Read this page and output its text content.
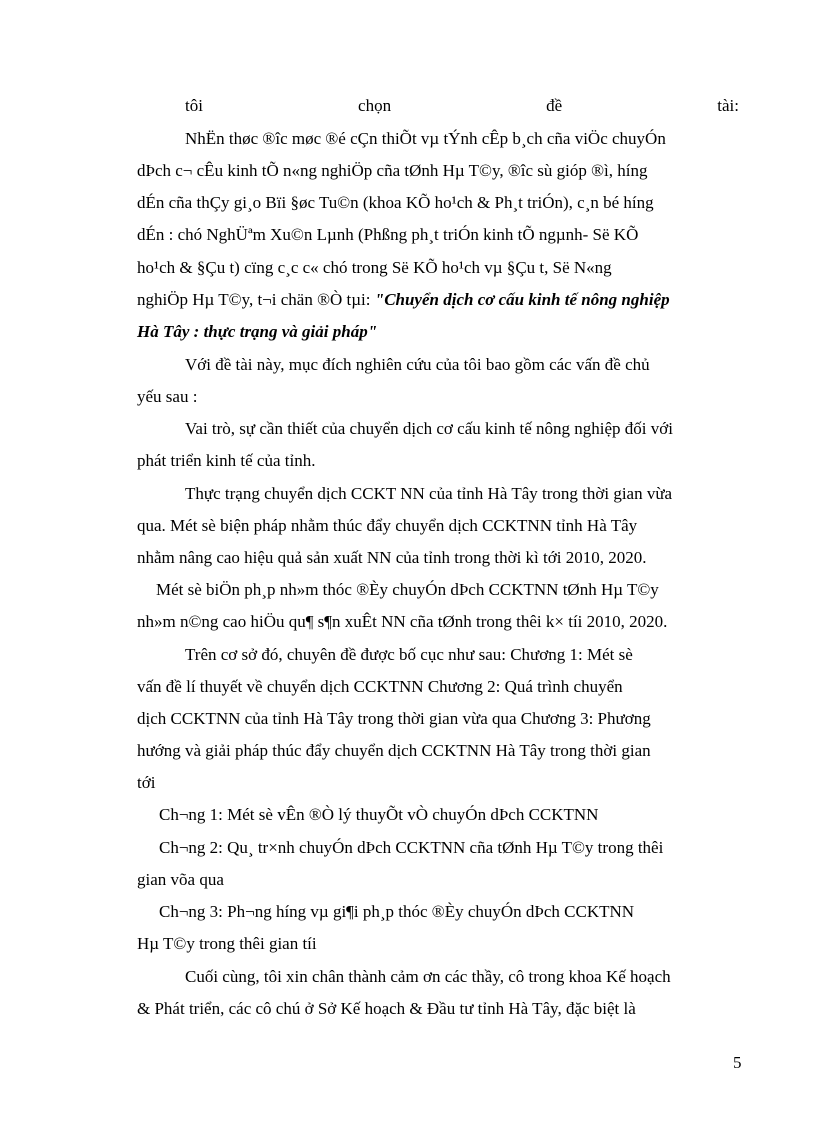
tôi	chọn	đề	tài:
NhËn thøc ®îc møc ®é cÇn thiÕt vµ tÝnh cÊp b¸ch cña viÖc chuyÓn
dÞch c¬ cÊu kinh tÕ n«ng nghiÖp cña tØnh Hµ T©y, ®îc sù gióp ®ì, híng
dÉn cña thÇy gi¸o Bïi §øc Tu©n (khoa KÕ ho¹ch & Ph¸t triÓn), c¸n bé híng
dÉn : chó NghÜªm Xu©n Lµnh (Phßng ph¸t triÓn kinh tÕ ngµnh- Së KÕ
ho¹ch & §Çu t) cïng c¸c c« chó trong Së KÕ ho¹ch vµ §Çu t, Së N«ng
nghiÖp Hµ T©y, t¬i chän ®Ò tµi: "Chuyển dịch cơ cấu kinh tế nông nghiệp
Hà Tây : thực trạng và giải pháp"
Với đề tài này, mục đích nghiên cứu của tôi bao gồm các vấn đề chủ
yếu sau :
Vai trò, sự cần thiết của chuyển dịch cơ cấu kinh tế nông nghiệp đối với
phát triển kinh tế của tỉnh.
Thực trạng chuyển dịch CCKT NN của tỉnh Hà Tây trong thời gian vừa
qua. Mét sè biện pháp nhằm thúc đẩy chuyển dịch CCKTNN tỉnh Hà Tây
nhằm nâng cao hiệu quả sản xuất NN của tỉnh trong thời kì tới 2010, 2020.
Mét sè biÖn ph¸p nh»m thóc ®Èy chuyÓn dÞch CCKTNN tØnh Hµ T©y
nh»m n©ng cao hiÖu qu¶ s¶n xuÊt NN cña tØnh trong thêi k× tíi 2010, 2020.
Trên cơ sở đó, chuyên đề được bố cục như sau: Chương 1: Mét sè
vấn đề lí thuyết về chuyển dịch CCKTNN Chương 2: Quá trình chuyển
dịch CCKTNN của tỉnh Hà Tây trong thời gian vừa qua Chương 3: Phương
hướng và giải pháp thúc đẩy chuyển dịch CCKTNN Hà Tây trong thời gian
tới
Ch¬ng 1: Mét sè vÊn ®Ò lý thuyÕt vÒ chuyÓn dÞch CCKTNN
Ch¬ng 2: Qu¸ tr×nh chuyÓn dÞch CCKTNN cña tØnh Hµ T©y trong thêi
gian võa qua
Ch¬ng 3: Ph¬ng híng vµ gi¶i ph¸p thóc ®Èy chuyÓn dÞch CCKTNN
Hµ T©y trong thêi gian tíi
Cuối cùng, tôi xin chân thành cảm ơn các thầy, cô trong khoa Kế hoạch
& Phát triển, các cô chú ở Sở Kế hoạch & Đầu tư tỉnh Hà Tây, đặc biệt là
5
